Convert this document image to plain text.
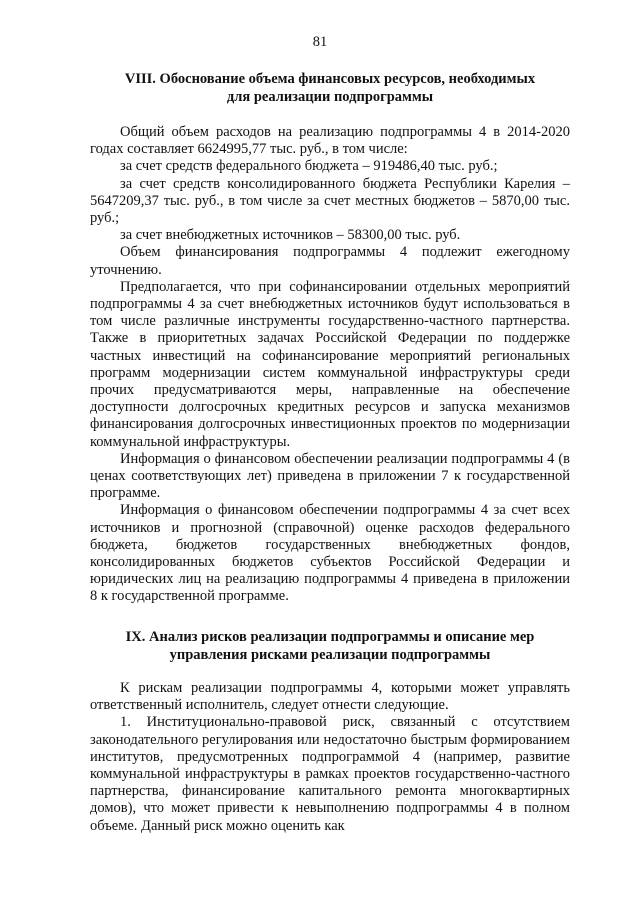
81
VIII. Обоснование объема финансовых ресурсов, необходимых
для реализации подпрограммы

Общий объем расходов на реализацию подпрограммы 4 в 2014-2020 годах составляет 6624995,77 тыс. руб., в том числе:

за счет средств федерального бюджета – 919486,40 тыс. руб.;

за счет средств консолидированного бюджета Республики Карелия – 5647209,37 тыс. руб., в том числе за счет местных бюджетов – 5870,00 тыс. руб.;

за счет внебюджетных источников – 58300,00 тыс. руб.

Объем финансирования подпрограммы 4 подлежит ежегодному уточнению.

Предполагается, что при софинансировании отдельных мероприятий подпрограммы 4 за счет внебюджетных источников будут использоваться в том числе различные инструменты государственно-частного партнерства. Также в приоритетных задачах Российской Федерации по поддержке частных инвестиций на софинансирование мероприятий региональных программ модернизации систем коммунальной инфраструктуры среди прочих предусматриваются меры, направленные на обеспечение доступности долгосрочных кредитных ресурсов и запуска механизмов финансирования долгосрочных инвестиционных проектов по модернизации коммунальной инфраструктуры.

Информация о финансовом обеспечении реализации подпрограммы 4 (в ценах соответствующих лет) приведена в приложении 7 к государственной программе.

Информация о финансовом обеспечении подпрограммы 4 за счет всех источников и прогнозной (справочной) оценке расходов федерального бюджета, бюджетов государственных внебюджетных фондов, консолидированных бюджетов субъектов Российской Федерации и юридических лиц на реализацию подпрограммы 4 приведена в приложении 8 к государственной программе.

IX. Анализ рисков реализации подпрограммы и описание мер
управления рисками реализации подпрограммы

К рискам реализации подпрограммы 4, которыми может управлять ответственный исполнитель, следует отнести следующие.

1. Институционально-правовой риск, связанный с отсутствием законодательного регулирования или недостаточно быстрым формированием институтов, предусмотренных подпрограммой 4 (например, развитие коммунальной инфраструктуры в рамках проектов государственно-частного партнерства, финансирование капитального ремонта многоквартирных домов), что может привести к невыполнению подпрограммы 4 в полном объеме. Данный риск можно оценить как
